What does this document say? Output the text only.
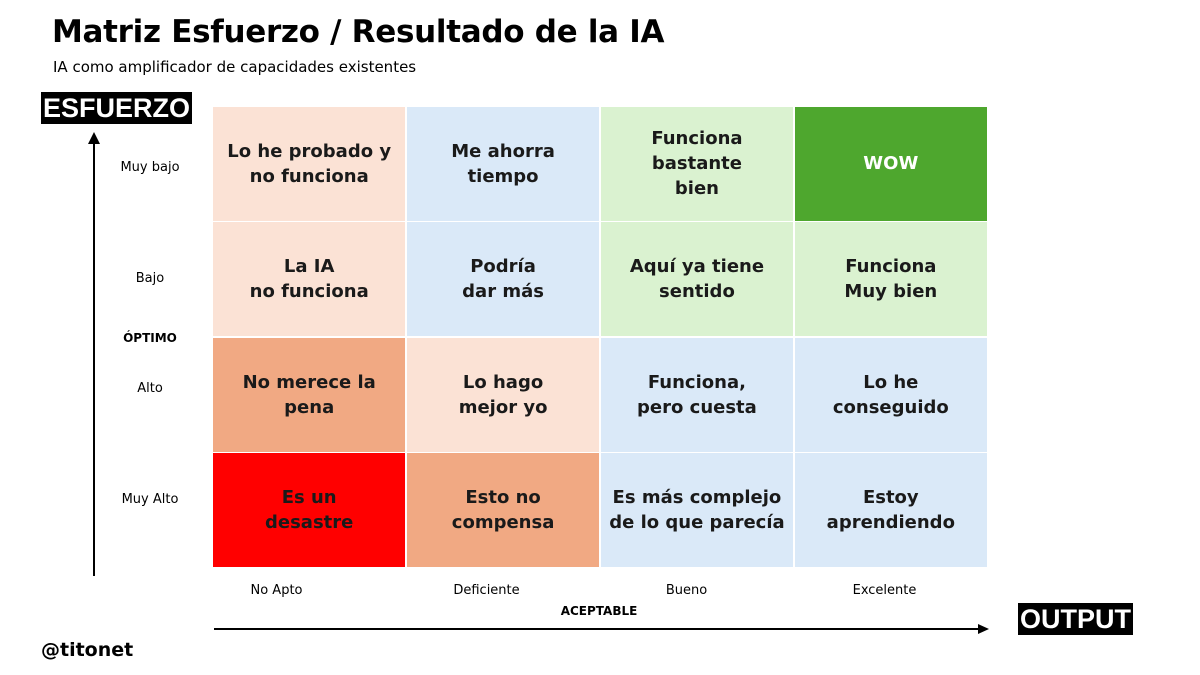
Matriz Esfuerzo / Resultado de la IA
IA como amplificador de capacidades existentes
ESFUERZO
Muy bajo
Bajo
ÓPTIMO
Alto
Muy Alto
Lo he probado y
no funciona
Me ahorra
tiempo
Funciona
bastante
bien
WOW
La IA
no funciona
Podría
dar más
Aquí ya tiene
sentido
Funciona
Muy bien
No merece la
pena
Lo hago
mejor yo
Funciona,
pero cuesta
Lo he
conseguido
Es un
desastre
Esto no
compensa
Es más complejo
de lo que parecía
Estoy
aprendiendo
No Apto	Deficiente	Bueno	Excelente
ACEPTABLE	OUTPUT
@titonet
